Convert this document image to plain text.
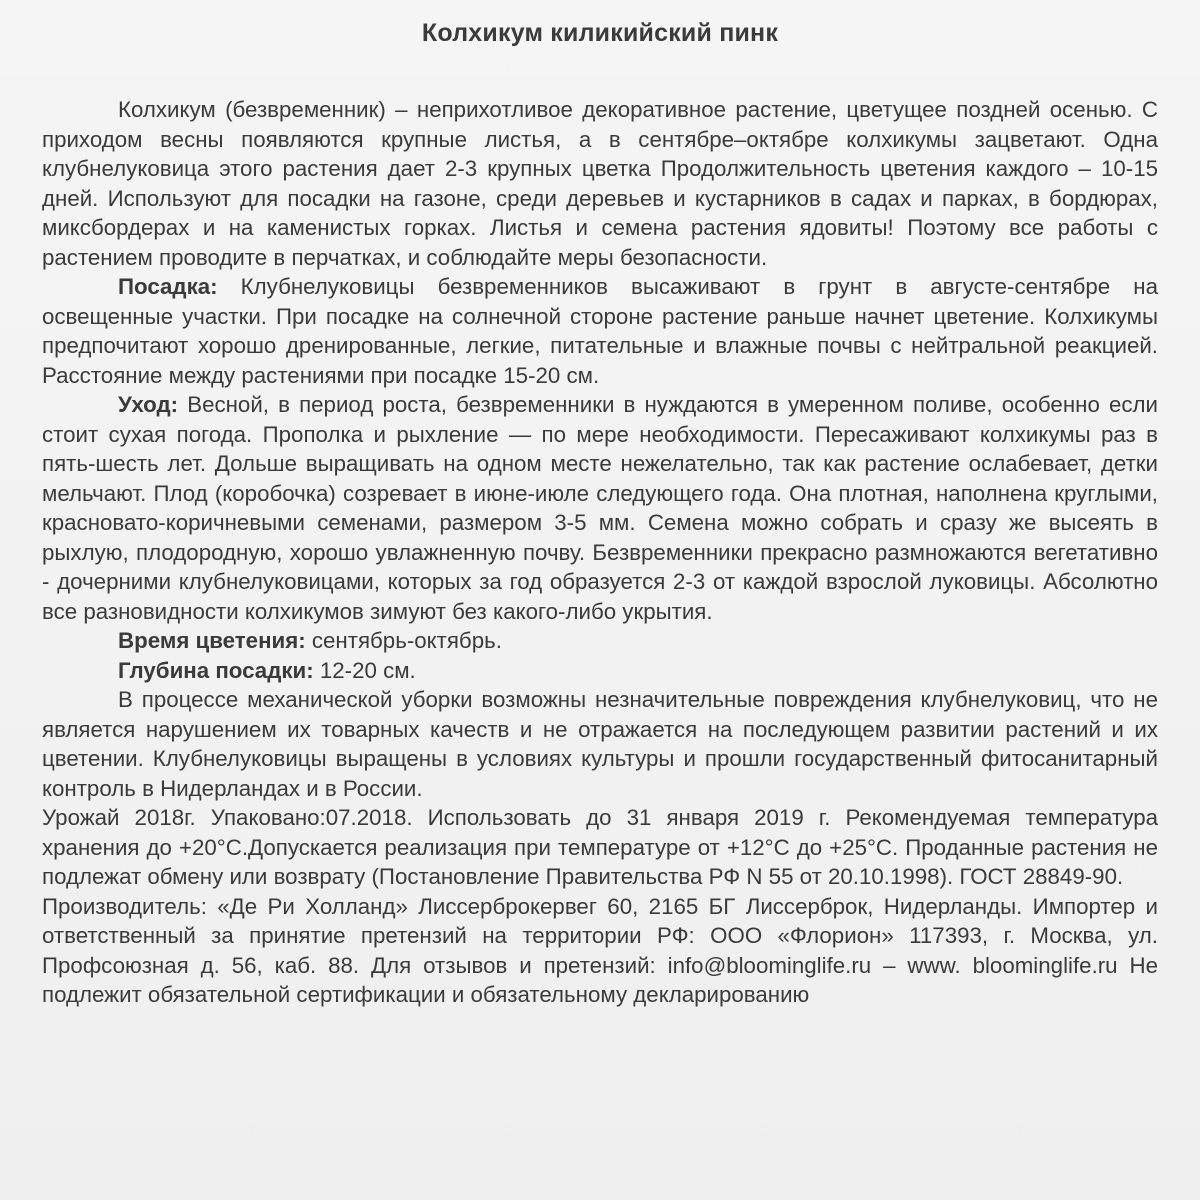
Колхикум киликийский пинк

Колхикум (безвременник) – неприхотливое декоративное растение, цветущее поздней осенью. С приходом весны появляются крупные листья, а в сентябре–октябре колхикумы зацветают. Одна клубнелуковица этого растения дает 2-3 крупных цветка Продолжительность цветения каждого – 10-15 дней. Используют для посадки на газоне, среди деревьев и кустарников в садах и парках, в бордюрах, миксбордерах и на каменистых горках. Листья и семена растения ядовиты! Поэтому все работы с растением проводите в перчатках, и соблюдайте меры безопасности.

Посадка: Клубнелуковицы безвременников высаживают в грунт в августе-сентябре на освещенные участки. При посадке на солнечной стороне растение раньше начнет цветение. Колхикумы предпочитают хорошо дренированные, легкие, питательные и влажные почвы с нейтральной реакцией. Расстояние между растениями при посадке 15-20 см.

Уход: Весной, в период роста, безвременники в нуждаются в умеренном поливе, особенно если стоит сухая погода. Прополка и рыхление — по мере необходимости. Пересаживают колхикумы раз в пять-шесть лет. Дольше выращивать на одном месте нежелательно, так как растение ослабевает, детки мельчают. Плод (коробочка) созревает в июне-июле следующего года. Она плотная, наполнена круглыми, красновато-коричневыми семенами, размером 3-5 мм. Семена можно собрать и сразу же высеять в рыхлую, плодородную, хорошо увлажненную почву. Безвременники прекрасно размножаются вегетативно - дочерними клубнелуковицами, которых за год образуется 2-3 от каждой взрослой луковицы. Абсолютно все разновидности колхикумов зимуют без какого-либо укрытия.

Время цветения: сентябрь-октябрь.

Глубина посадки: 12-20 см.

В процессе механической уборки возможны незначительные повреждения клубнелуковиц, что не является нарушением их товарных качеств и не отражается на последующем развитии растений и их цветении. Клубнелуковицы выращены в условиях культуры и прошли государственный фитосанитарный контроль в Нидерландах и в России.

Урожай 2018г. Упаковано:07.2018. Использовать до 31 января 2019 г. Рекомендуемая температура хранения до +20°С.Допускается реализация при температуре от +12°С до +25°С. Проданные растения не подлежат обмену или возврату (Постановление Правительства РФ N 55 от 20.10.1998). ГОСТ 28849-90.

Производитель: «Де Ри Холланд» Лиссерброкервег 60, 2165 БГ Лиссерброк, Нидерланды. Импортер и ответственный за принятие претензий на территории РФ: ООО «Флорион» 117393, г. Москва, ул. Профсоюзная д. 56, каб. 88. Для отзывов и претензий: info@bloominglife.ru – www. bloominglife.ru Не подлежит обязательной сертификации и обязательному декларированию
